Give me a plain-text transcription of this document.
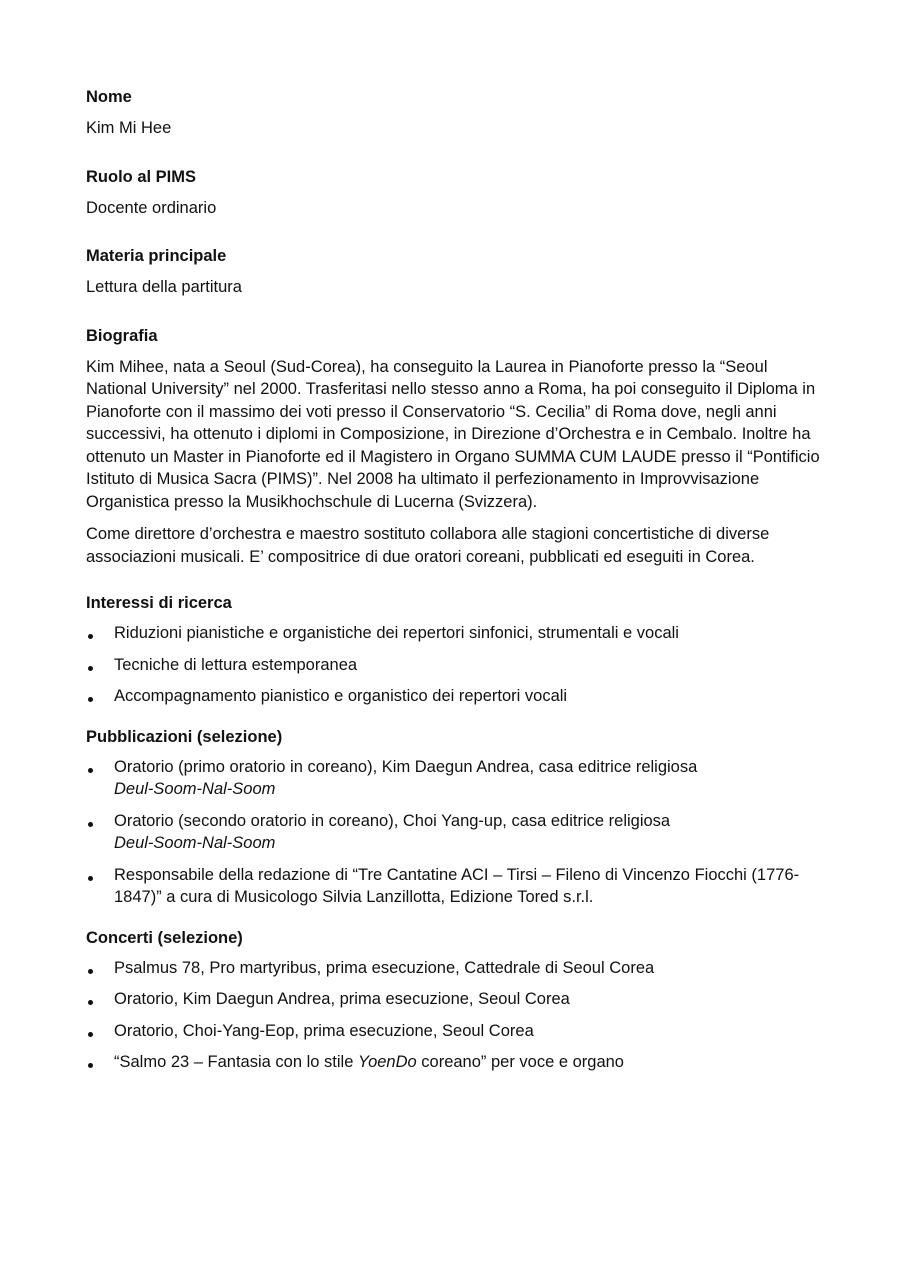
Nome

Kim Mi Hee

Ruolo al PIMS

Docente ordinario

Materia principale

Lettura della partitura

Biografia

Kim Mihee, nata a Seoul (Sud-Corea), ha conseguito la Laurea in Pianoforte presso la “Seoul National University” nel 2000. Trasferitasi nello stesso anno a Roma, ha poi conseguito il Diploma in Pianoforte con il massimo dei voti presso il Conservatorio “S. Cecilia” di Roma dove, negli anni successivi, ha ottenuto i diplomi in Composizione, in Direzione d’Orchestra e in Cembalo. Inoltre ha ottenuto un Master in Pianoforte ed il Magistero in Organo SUMMA CUM LAUDE presso il “Pontificio Istituto di Musica Sacra (PIMS)”. Nel 2008 ha ultimato il perfezionamento in Improvvisazione Organistica presso la Musikhochschule di Lucerna (Svizzera).

Come direttore d’orchestra e maestro sostituto collabora alle stagioni concertistiche di diverse associazioni musicali. E’ compositrice di due oratori coreani, pubblicati ed eseguiti in Corea.

Interessi di ricerca
Riduzioni pianistiche e organistiche dei repertori sinfonici, strumentali e vocali
Tecniche di lettura estemporanea
Accompagnamento pianistico e organistico dei repertori vocali
Pubblicazioni (selezione)
Oratorio (primo oratorio in coreano), Kim Daegun Andrea, casa editrice religiosa
Deul-Soom-Nal-Soom
Oratorio (secondo oratorio in coreano), Choi Yang-up, casa editrice religiosa
Deul-Soom-Nal-Soom
Responsabile della redazione di “Tre Cantatine ACI – Tirsi – Fileno di Vincenzo Fiocchi (1776-1847)” a cura di Musicologo Silvia Lanzillotta, Edizione Tored s.r.l.
Concerti (selezione)
Psalmus 78, Pro martyribus, prima esecuzione, Cattedrale di Seoul Corea
Oratorio, Kim Daegun Andrea, prima esecuzione, Seoul Corea
Oratorio, Choi-Yang-Eop, prima esecuzione, Seoul Corea
“Salmo 23 – Fantasia con lo stile YoenDo coreano” per voce e organo
